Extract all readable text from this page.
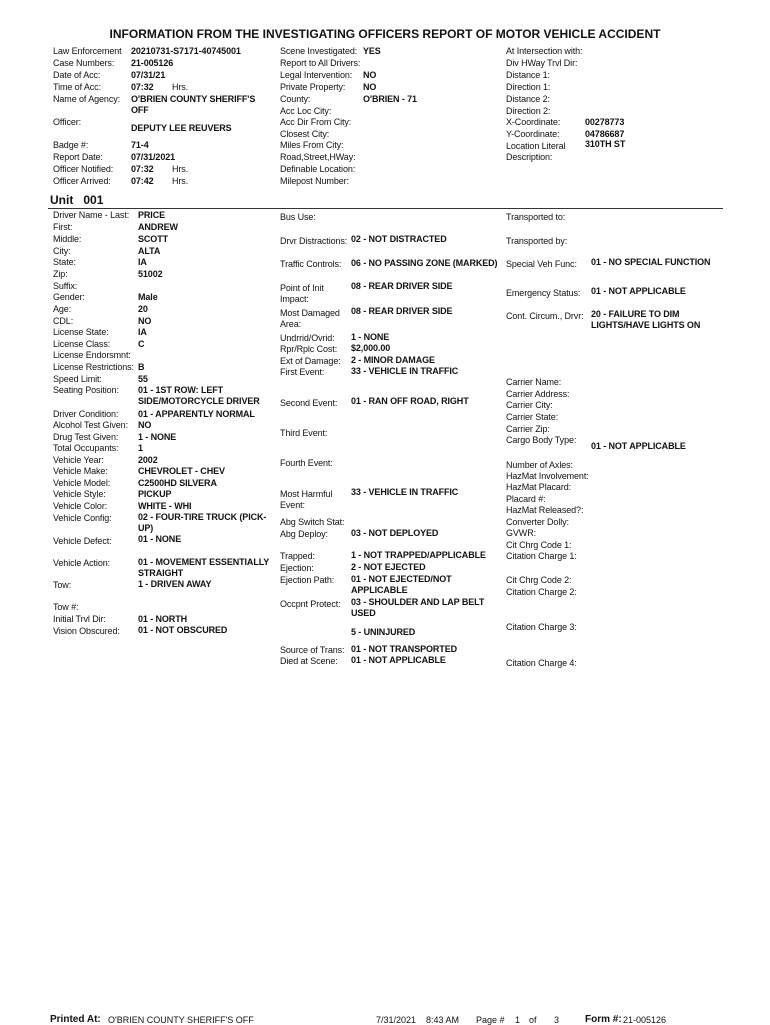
INFORMATION FROM THE INVESTIGATING OFFICERS REPORT OF MOTOR VEHICLE ACCIDENT
Law Enforcement 20210731-S7171-40745001
Case Numbers: 21-005126
Date of Acc:	07/31/21
Time of Acc:	07:32 Hrs.
Name of Agency: O'BRIEN COUNTY SHERIFF'S
OFF
Officer:
DEPUTY LEE REUVERS
Badge #:	71-4
Report Date:	07/31/2021
Officer Notified: 07:32 Hrs.
Officer Arrived: 07:42 Hrs.
Scene Investigated: YES
Report to All Drivers:
Legal Intervention: NO
Private Property: NO
County:	O'BRIEN - 71
Acc Loc City:
Acc Dir From City:
Closest City:
Miles From City:
Road,Street,HWay:
Definable Location:
Milepost Number:
At Intersection with:
Div HWay Trvl Dir:
Distance 1:
Direction 1:
Distance 2:
Direction 2:
X-Coordinate:	00278773
Y-Coordinate:	04786687
Location Literal 310TH ST
Description:
Unit 001
Driver Name - Last: PRICE
First:	ANDREW
Middle:	SCOTT
City:	ALTA
State:	IA
Zip:	51002
Suffix:
Gender:	Male
Age:	20
CDL:	NO
License State:	IA
License Class:	C
License Endorsmnt:
License Restrictions: B
Speed Limit:	55
Seating Position: 01 - 1ST ROW: LEFT
SIDE/MOTORCYCLE DRIVER
Driver Condition: 01 - APPARENTLY NORMAL
Alcohol Test Given: NO
Drug Test Given: 1 - NONE
Total Occupants: 1
Vehicle Year:	2002
Vehicle Make:	CHEVROLET - CHEV
Vehicle Model:	C2500HD SILVERA
Vehicle Style:	PICKUP
Vehicle Color:	WHITE - WHI
Vehicle Config:	02 - FOUR-TIRE TRUCK (PICK-
UP)
Vehicle Defect:	01 - NONE
Vehicle Action:	01 - MOVEMENT ESSENTIALLY
STRAIGHT
Tow:	1 - DRIVEN AWAY
Tow #:
Initial Trvl Dir:	01 - NORTH
Vision Obscured: 01 - NOT OBSCURED
Bus Use:
Drvr Distractions: 02 - NOT DISTRACTED
Traffic Controls: 06 - NO PASSING ZONE (MARKED)
Point of Init
Impact:
08 - REAR DRIVER SIDE
Most Damaged
Area:
08 - REAR DRIVER SIDE
Undrrid/Ovrid: 1 - NONE
Rpr/Rplc Cost: $2,000.00
Ext of Damage: 2 - MINOR DAMAGE
First Event:	33 - VEHICLE IN TRAFFIC
Second Event: 01 - RAN OFF ROAD, RIGHT
Third Event:
Fourth Event:
Most Harmful
Event:
33 - VEHICLE IN TRAFFIC
Abg Switch Stat:
Abg Deploy:	03 - NOT DEPLOYED
Trapped:	1 - NOT TRAPPED/APPLICABLE
Ejection:	2 - NOT EJECTED
Ejection Path: 01 - NOT EJECTED/NOT
APPLICABLE
Occpnt Protect: 03 - SHOULDER AND LAP BELT
USED
5 - UNINJURED
Source of Trans: 01 - NOT TRANSPORTED
Died at Scene: 01 - NOT APPLICABLE
Transported to:
Transported by:
Special Veh Func: 01 - NO SPECIAL FUNCTION
Emergency Status: 01 - NOT APPLICABLE
Cont. Circum., Drvr: 20 - FAILURE TO DIM
LIGHTS/HAVE LIGHTS ON
Carrier Name:
Carrier Address:
Carrier City:
Carrier State:
Carrier Zip:
Cargo Body Type:
01 - NOT APPLICABLE
Number of Axles:
HazMat Involvement:
HazMat Placard:
Placard #:
HazMat Released?:
Converter Dolly:
GVWR:
Cit Chrg Code 1:
Citation Charge 1:
Cit Chrg Code 2:
Citation Charge 2:
Citation Charge 3:
Citation Charge 4:
Printed At: O'BRIEN COUNTY SHERIFF'S OFF	7/31/2021 8:43 AM Page # 1 of 3	Form #: 21-005126
